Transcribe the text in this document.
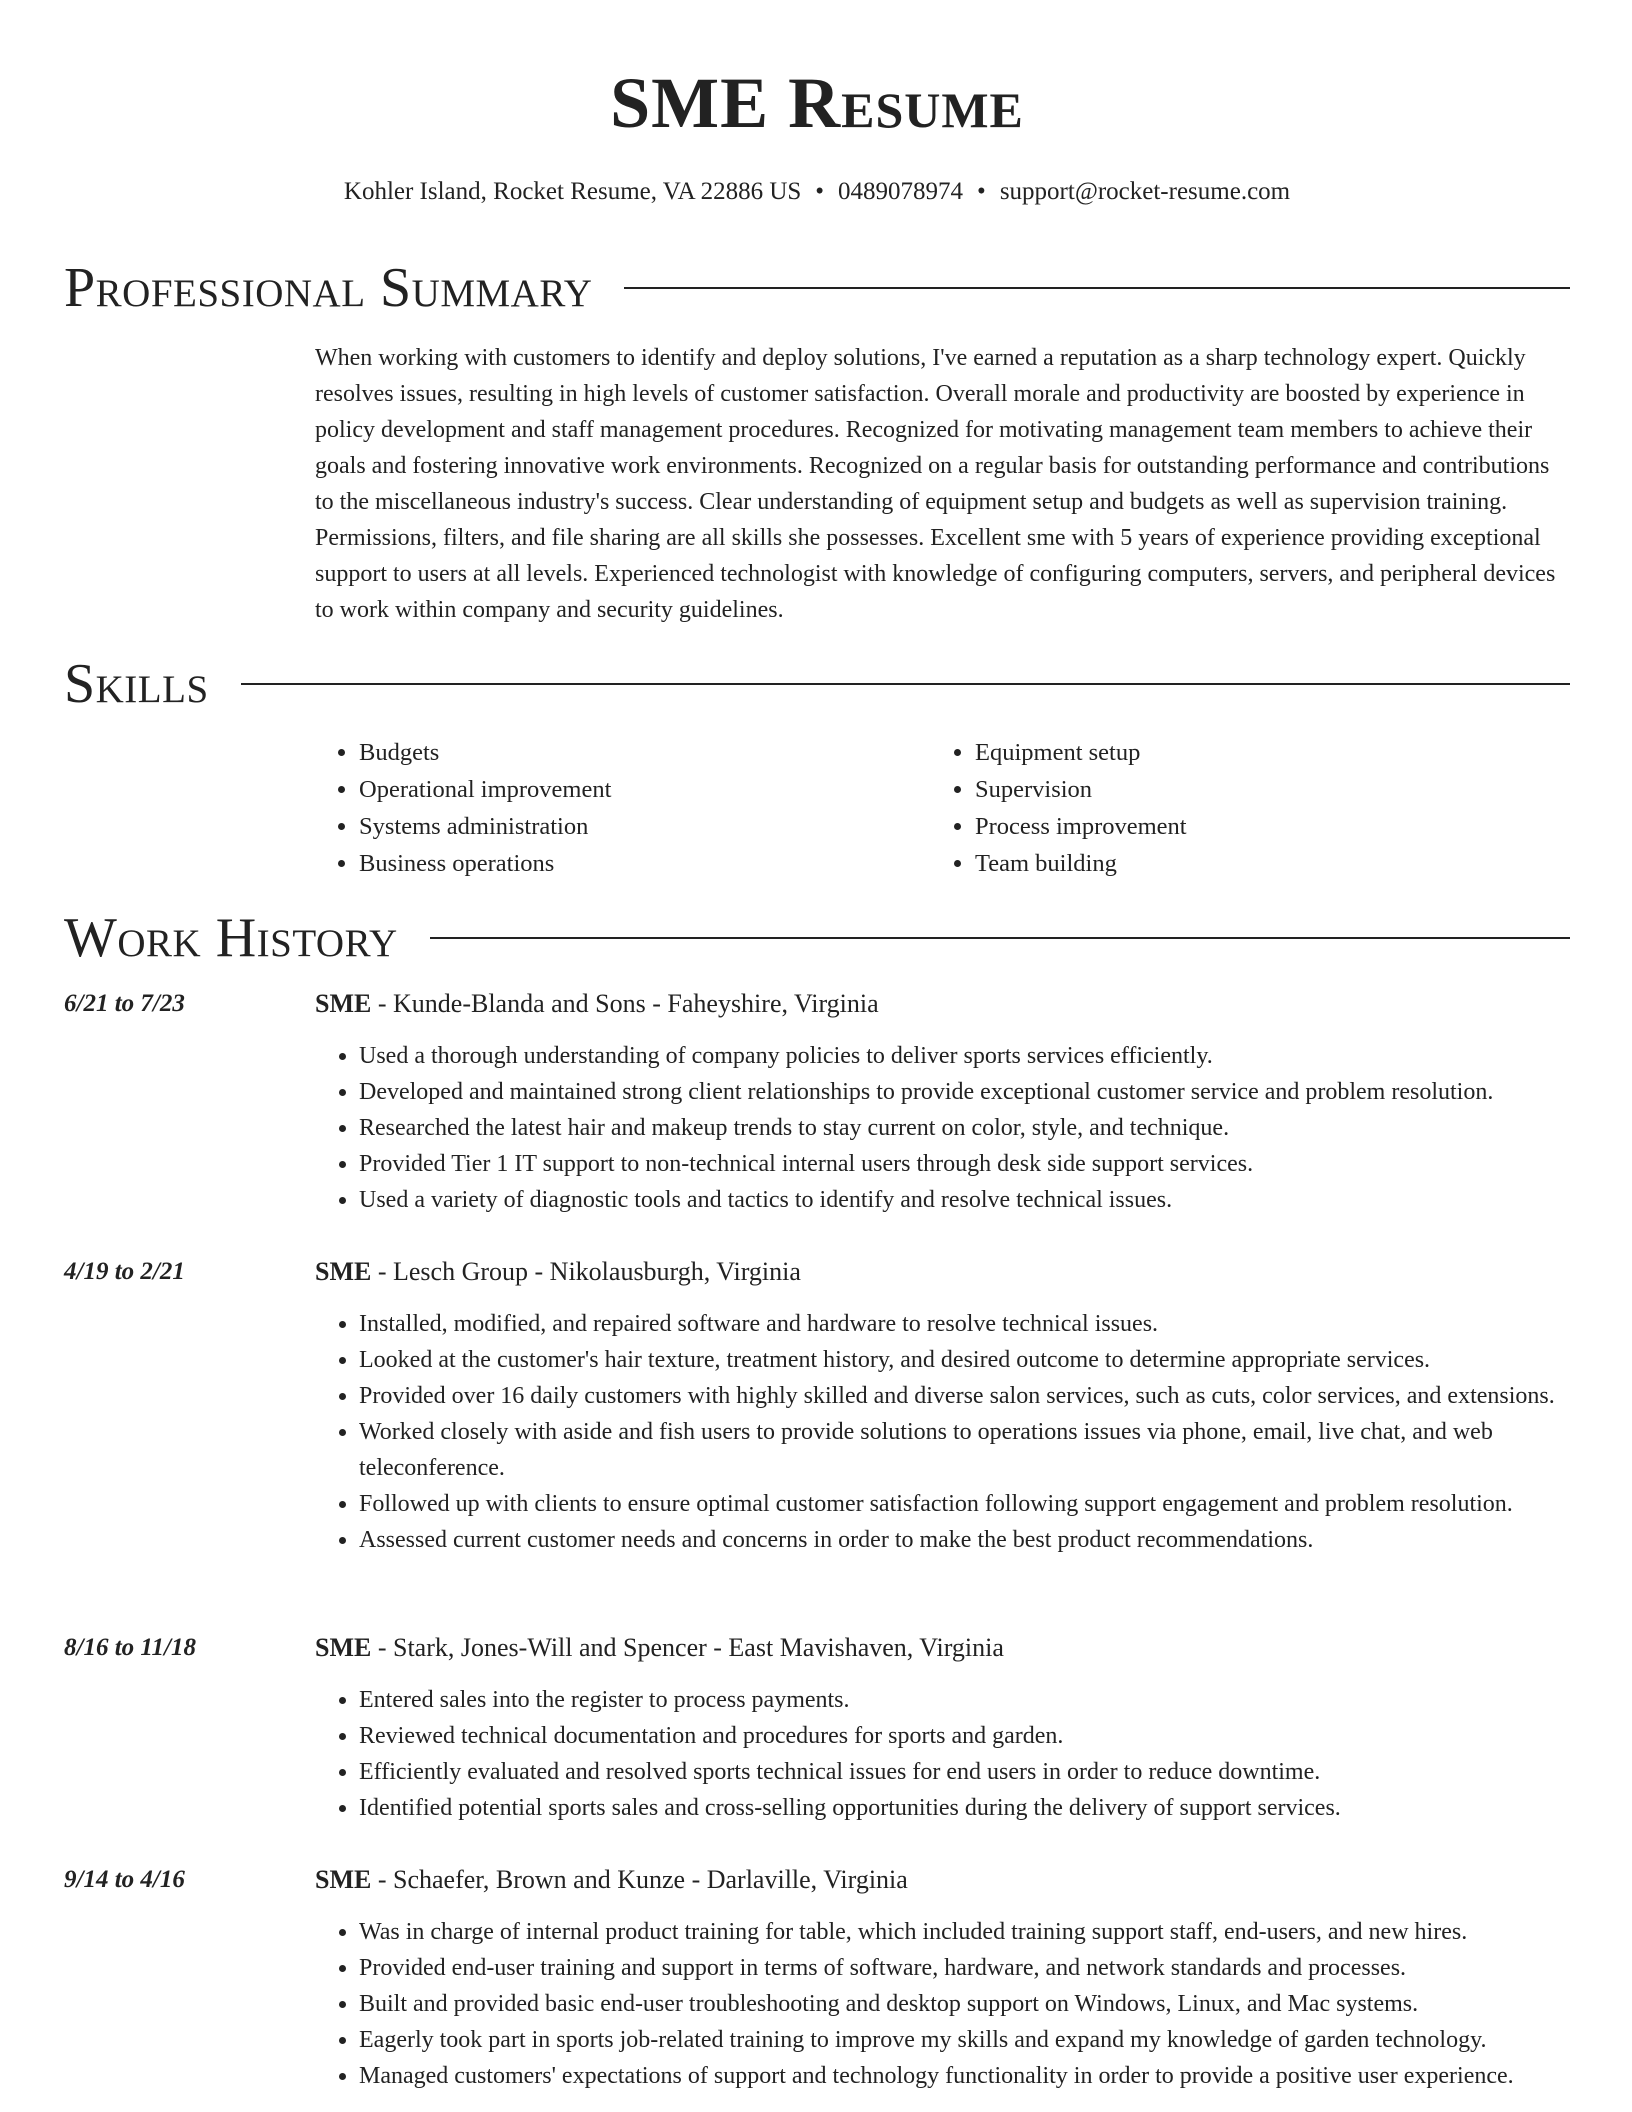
SME Resume
Kohler Island, Rocket Resume, VA 22886 US • 0489078974 • support@rocket-resume.com
Professional Summary

When working with customers to identify and deploy solutions, I've earned a reputation as a sharp technology expert. Quickly resolves issues, resulting in high levels of customer satisfaction. Overall morale and productivity are boosted by experience in policy development and staff management procedures. Recognized for motivating management team members to achieve their goals and fostering innovative work environments. Recognized on a regular basis for outstanding performance and contributions to the miscellaneous industry's success. Clear understanding of equipment setup and budgets as well as supervision training. Permissions, filters, and file sharing are all skills she possesses. Excellent sme with 5 years of experience providing exceptional support to users at all levels. Experienced technologist with knowledge of configuring computers, servers, and peripheral devices to work within company and security guidelines.

Skills
• Budgets
• Operational improvement
• Systems administration
• Business operations
• Equipment setup
• Supervision
• Process improvement
• Team building
Work History
6/21 to 7/23	SME - Kunde-Blanda and Sons - Faheyshire, Virginia
• Used a thorough understanding of company policies to deliver sports services efficiently.
• Developed and maintained strong client relationships to provide exceptional customer service and problem resolution.
• Researched the latest hair and makeup trends to stay current on color, style, and technique.
• Provided Tier 1 IT support to non-technical internal users through desk side support services.
• Used a variety of diagnostic tools and tactics to identify and resolve technical issues.
4/19 to 2/21	SME - Lesch Group - Nikolausburgh, Virginia
• Installed, modified, and repaired software and hardware to resolve technical issues.
• Looked at the customer's hair texture, treatment history, and desired outcome to determine appropriate services.
• Provided over 16 daily customers with highly skilled and diverse salon services, such as cuts, color services, and extensions.
• Worked closely with aside and fish users to provide solutions to operations issues via phone, email, live chat, and web teleconference.
• Followed up with clients to ensure optimal customer satisfaction following support engagement and problem resolution.
• Assessed current customer needs and concerns in order to make the best product recommendations.
8/16 to 11/18	SME - Stark, Jones-Will and Spencer - East Mavishaven, Virginia
• Entered sales into the register to process payments.
• Reviewed technical documentation and procedures for sports and garden.
• Efficiently evaluated and resolved sports technical issues for end users in order to reduce downtime.
• Identified potential sports sales and cross-selling opportunities during the delivery of support services.
9/14 to 4/16	SME - Schaefer, Brown and Kunze - Darlaville, Virginia
• Was in charge of internal product training for table, which included training support staff, end-users, and new hires.
• Provided end-user training and support in terms of software, hardware, and network standards and processes.
• Built and provided basic end-user troubleshooting and desktop support on Windows, Linux, and Mac systems.
• Eagerly took part in sports job-related training to improve my skills and expand my knowledge of garden technology.
• Managed customers' expectations of support and technology functionality in order to provide a positive user experience.
